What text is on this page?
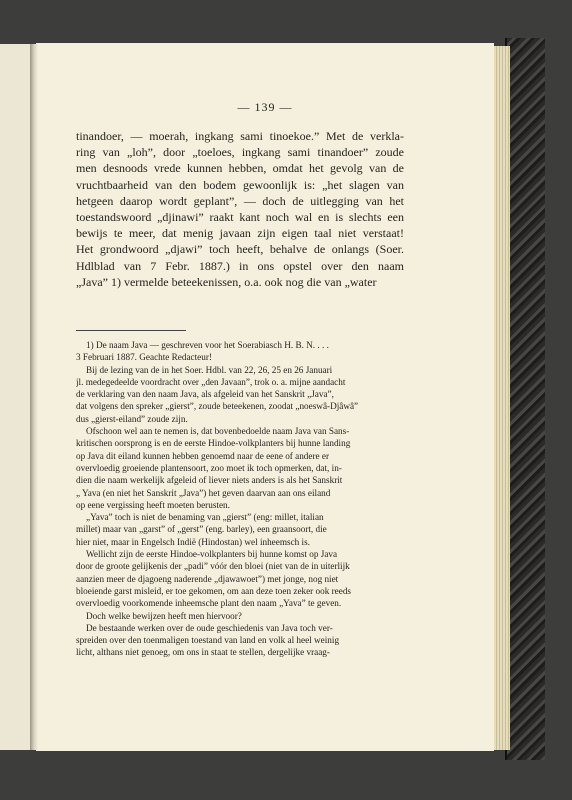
— 139 —
tinandoer, — moerah, ingkang sami tinoekoe.” Met de verkla-
ring van „loh”, door „toeloes, ingkang sami tinandoer” zoude
men desnoods vrede kunnen hebben, omdat het gevolg van de
vruchtbaarheid van den bodem gewoonlijk is: „het slagen van
hetgeen daarop wordt geplant”, — doch de uitlegging van het
toestandswoord „djinawi” raakt kant noch wal en is slechts een
bewijs te meer, dat menig javaan zijn eigen taal niet verstaat!
Het grondwoord „djawi” toch heeft, behalve de onlangs (Soer.
Hdlblad van 7 Febr. 1887.) in ons opstel over den naam
„Java” 1) vermelde beteekenissen, o.a. ook nog die van „water
1) De naam Java — geschreven voor het Soerabiasch H. B. N. . . .
3 Februari 1887. Geachte Redacteur!
Bij de lezing van de in het Soer. Hdbl. van 22, 26, 25 en 26 Januari
jl. medegedeelde voordracht over „den Javaan”, trok o. a. mijne aandacht
de verklaring van den naam Java, als afgeleid van het Sanskrit „Java”,
dat volgens den spreker „gierst”, zoude beteekenen, zoodat „noeswâ-Djâwâ”
dus „gierst-eiland” zoude zijn.
Ofschoon wel aan te nemen is, dat bovenbedoelde naam Java van Sans-
kritischen oorsprong is en de eerste Hindoe-volkplanters bij hunne landing
op Java dit eiland kunnen hebben genoemd naar de eene of andere er
overvloedig groeiende plantensoort, zoo moet ik toch opmerken, dat, in-
dien die naam werkelijk afgeleid of liever niets anders is als het Sanskrit
„ Yava (en niet het Sanskrit „Java”) het geven daarvan aan ons eiland
op eene vergissing heeft moeten berusten.
„Yava” toch is niet de benaming van „gierst” (eng: millet, italian
millet) maar van „garst” of „gerst” (eng. barley), een graansoort, die
hier niet, maar in Engelsch Indië (Hindostan) wel inheemsch is.
Wellicht zijn de eerste Hindoe-volkplanters bij hunne komst op Java
door de groote gelijkenis der „padi” vóór den bloei (niet van de in uiterlijk
aanzien meer de djagoeng naderende „djawawoet”) met jonge, nog niet
bloeiende garst misleid, er toe gekomen, om aan deze toen zeker ook reeds
overvloedig voorkomende inheemsche plant den naam „Yava” te geven.
Doch welke bewijzen heeft men hiervoor?
De bestaande werken over de oude geschiedenis van Java toch ver-
spreiden over den toenmaligen toestand van land en volk al heel weinig
licht, althans niet genoeg, om ons in staat te stellen, dergelijke vraag-
